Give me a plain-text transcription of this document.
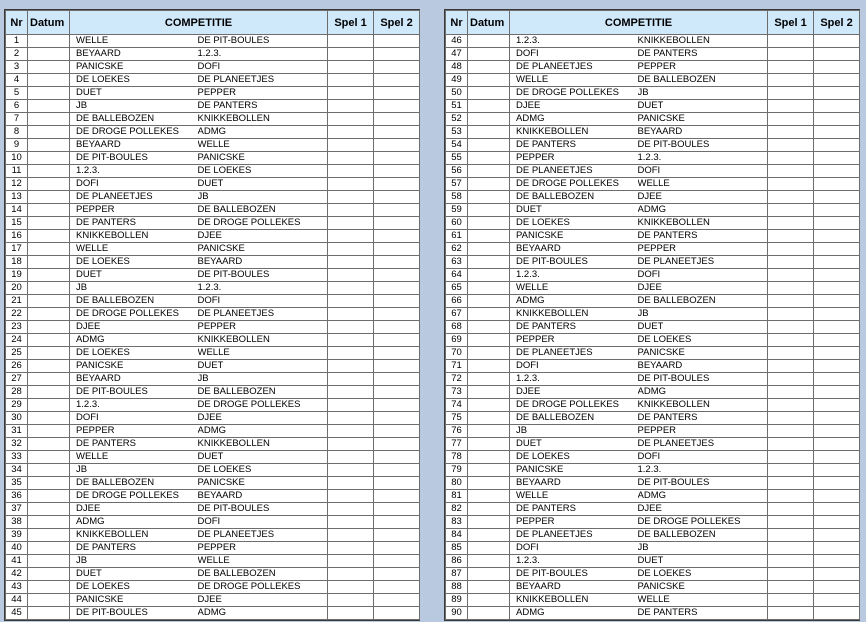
Nr	Datum	COMPETITIE		Spel 1	Spel 2
1		WELLE	DE PIT-BOULES		
2		BEYAARD	1.2.3.		
3		PANICSKE	DOFI		
4		DE LOEKES	DE PLANEETJES		
5		DUET	PEPPER		
6		JB	DE PANTERS		
7		DE BALLEBOZEN	KNIKKEBOLLEN		
8		DE DROGE POLLEKES	ADMG		
9		BEYAARD	WELLE		
10		DE PIT-BOULES	PANICSKE		
11		1.2.3.	DE LOEKES		
12		DOFI	DUET		
13		DE PLANEETJES	JB		
14		PEPPER	DE BALLEBOZEN		
15		DE PANTERS	DE DROGE POLLEKES		
16		KNIKKEBOLLEN	DJEE		
17		WELLE	PANICSKE		
18		DE LOEKES	BEYAARD		
19		DUET	DE PIT-BOULES		
20		JB	1.2.3.		
21		DE BALLEBOZEN	DOFI		
22		DE DROGE POLLEKES	DE PLANEETJES		
23		DJEE	PEPPER		
24		ADMG	KNIKKEBOLLEN		
25		DE LOEKES	WELLE		
26		PANICSKE	DUET		
27		BEYAARD	JB		
28		DE PIT-BOULES	DE BALLEBOZEN		
29		1.2.3.	DE DROGE POLLEKES		
30		DOFI	DJEE		
31		PEPPER	ADMG		
32		DE PANTERS	KNIKKEBOLLEN		
33		WELLE	DUET		
34		JB	DE LOEKES		
35		DE BALLEBOZEN	PANICSKE		
36		DE DROGE POLLEKES	BEYAARD		
37		DJEE	DE PIT-BOULES		
38		ADMG	DOFI		
39		KNIKKEBOLLEN	DE PLANEETJES		
40		DE PANTERS	PEPPER		
41		JB	WELLE		
42		DUET	DE BALLEBOZEN		
43		DE LOEKES	DE DROGE POLLEKES		
44		PANICSKE	DJEE		
45		DE PIT-BOULES	ADMG		
Nr	Datum	COMPETITIE		Spel 1	Spel 2
46		1.2.3.	KNIKKEBOLLEN		
47		DOFI	DE PANTERS		
48		DE PLANEETJES	PEPPER		
49		WELLE	DE BALLEBOZEN		
50		DE DROGE POLLEKES	JB		
51		DJEE	DUET		
52		ADMG	PANICSKE		
53		KNIKKEBOLLEN	BEYAARD		
54		DE PANTERS	DE PIT-BOULES		
55		PEPPER	1.2.3.		
56		DE PLANEETJES	DOFI		
57		DE DROGE POLLEKES	WELLE		
58		DE BALLEBOZEN	DJEE		
59		DUET	ADMG		
60		DE LOEKES	KNIKKEBOLLEN		
61		PANICSKE	DE PANTERS		
62		BEYAARD	PEPPER		
63		DE PIT-BOULES	DE PLANEETJES		
64		1.2.3.	DOFI		
65		WELLE	DJEE		
66		ADMG	DE BALLEBOZEN		
67		KNIKKEBOLLEN	JB		
68		DE PANTERS	DUET		
69		PEPPER	DE LOEKES		
70		DE PLANEETJES	PANICSKE		
71		DOFI	BEYAARD		
72		1.2.3.	DE PIT-BOULES		
73		DJEE	ADMG		
74		DE DROGE POLLEKES	KNIKKEBOLLEN		
75		DE BALLEBOZEN	DE PANTERS		
76		JB	PEPPER		
77		DUET	DE PLANEETJES		
78		DE LOEKES	DOFI		
79		PANICSKE	1.2.3.		
80		BEYAARD	DE PIT-BOULES		
81		WELLE	ADMG		
82		DE PANTERS	DJEE		
83		PEPPER	DE DROGE POLLEKES		
84		DE PLANEETJES	DE BALLEBOZEN		
85		DOFI	JB		
86		1.2.3.	DUET		
87		DE PIT-BOULES	DE LOEKES		
88		BEYAARD	PANICSKE		
89		KNIKKEBOLLEN	WELLE		
90		ADMG	DE PANTERS		
